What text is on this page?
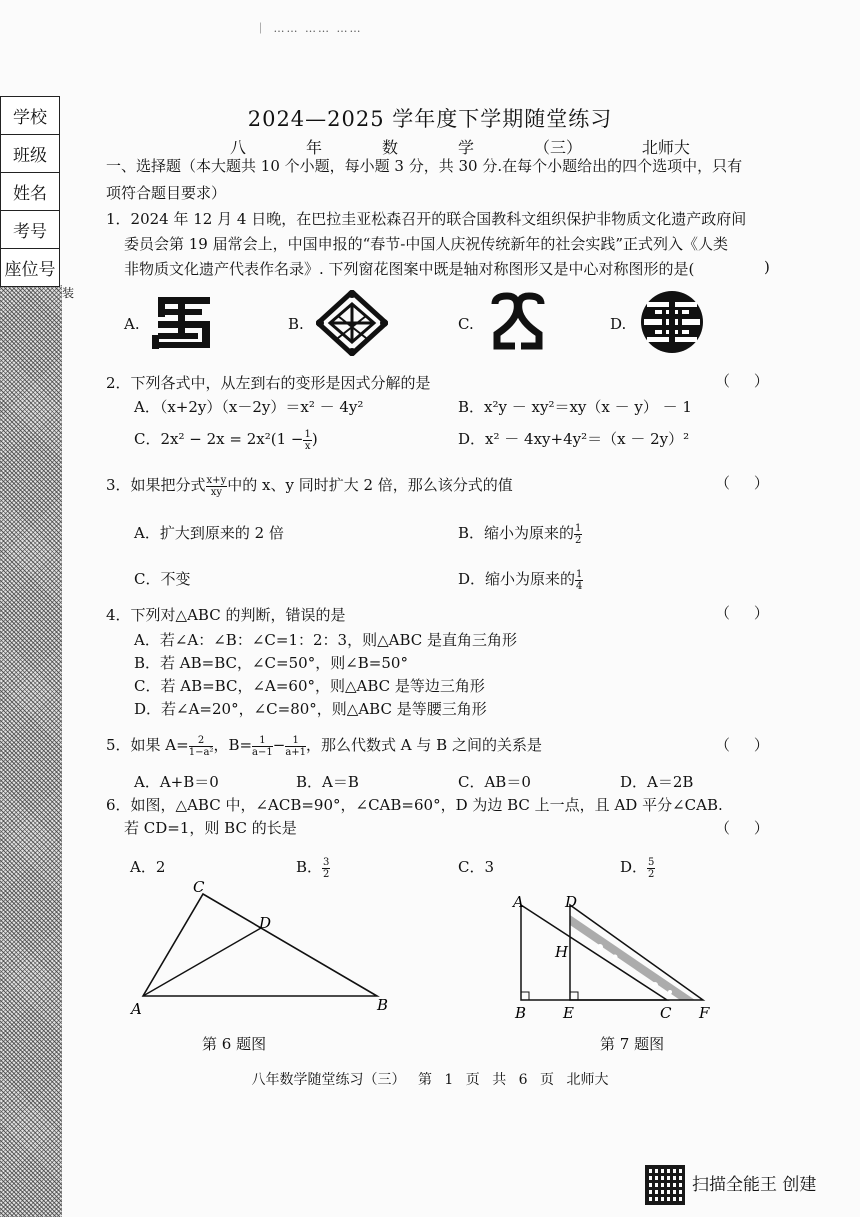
｜ …… …… ……
学校
班级
姓名
考号
座位号
装
2024—2025 学年度下学期随堂练习
八	年	数	学	（三）	北师大
一、选择题（本大题共 10 个小题，每小题 3 分，共 30 分.在每个小题给出的四个选项中，只有
项符合题目要求）
1．2024 年 12 月 4 日晚，在巴拉圭亚松森召开的联合国教科文组织保护非物质文化遗产政府间
委员会第 19 届常会上，中国申报的“春节-中国人庆祝传统新年的社会实践”正式列入《人类
非物质文化遗产代表作名录》. 下列窗花图案中既是轴对称图形又是中心对称图形的是(	)
A.	B.	C.	D.
2．下列各式中，从左到右的变形是因式分解的是	（     ）
A．（x+2y）（x－2y）＝x² － 4y²	B．x²y － xy²＝xy（x － y） － 1
C．$2x^2 - 2x = 2x^2(1 - \frac{1}{x}$ )	D．x² － 4xy+4y²＝（x － 2y）²
3．如果把分式 $\frac{x+y}{xy}$ 中的 x、y 同时扩大 2 倍，那么该分式的值	（     ）
A．扩大到原来的 2 倍	B．缩小为原来的 $\frac{1}{2}$
C．不变	D．缩小为原来的 $\frac{1}{4}$
4．下列对△ABC 的判断，错误的是	（     ）
A．若∠A：∠B：∠C=1：2：3，则△ABC 是直角三角形
B．若 AB=BC，∠C=50°，则∠B=50°
C．若 AB=BC，∠A=60°，则△ABC 是等边三角形
D．若∠A=20°，∠C=80°，则△ABC 是等腰三角形
5．如果 $A= \frac{2}{\text{1−a²}}$ ，$B= \frac{1}{a-1} - \frac{1}{a+1}$ ，那么代数式 A 与 B 之间的关系是	（     ）
A．A+B＝0	B．A＝B	C．AB＝0	D．A＝2B
6．如图，△ABC 中，∠ACB=90°，∠CAB=60°，D 为边 BC 上一点，且 AD 平分∠CAB.
若 CD=1，则 BC 的长是	（     ）
A．2	B． $\frac{3}{2}$	C．3	D． $\frac{5}{2}$
C
D
A	B
第 6 题图
A	D
H
B E	C F
第 7 题图
八年数学随堂练习（三） 第 1 页 共 6 页 北师大
扫描全能王 创建
